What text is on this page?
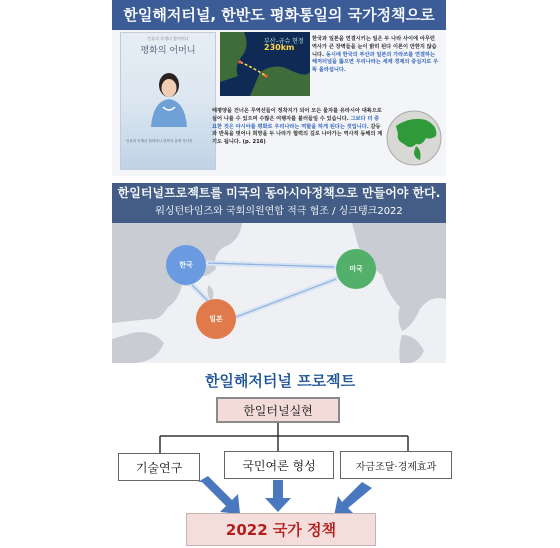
한일해저터널, 한반도 평화통일의 국가정책으로
인류의 독생녀 참어머니
평화의 어머니
인류의 독생녀 참어머니 한학자 총재 자서전
부산–규슈 현정
230km
한국과 일본을 연결시키는 일은 두 나라 사이에 아무런 역사가 큰 장벽들을 눈이 밝히 된다 이론이 만한지 않습니다. 동시에 한국의 부산과 일본의 가라쓰를 연결하는 해저터널을 뚫으면 우리나라는 세계 경제의 중심지로 우뚝 올라섭니다.
태평양을 건너온 무역선들이 정착지가 되어 모든 물자를 유라시아 대륙으로 실어 나를 수 있으며 수많은 여행자를 불러들일 수 있습니다. 그보다 더 중요한 것은 아시아를 평화로 우리나라는 역할을 하게 된다는 것입니다. 갈등과 반목을 벗어나 희망을 두 나라가 협력의 길로 나아가는 역사적 동해의 계기도 됩니다. (p. 216)
한일터널프로젝트를 미국의 동아시아정책으로 만들어야 한다.
워싱턴타임즈와 국회의원연합 적극 협조 / 싱크탱크2022
한국
일본
미국
한일해저터널 프로젝트
한일터널실현
기술연구	국민여론 형성	자금조달·경제효과
2022 국가 정책
